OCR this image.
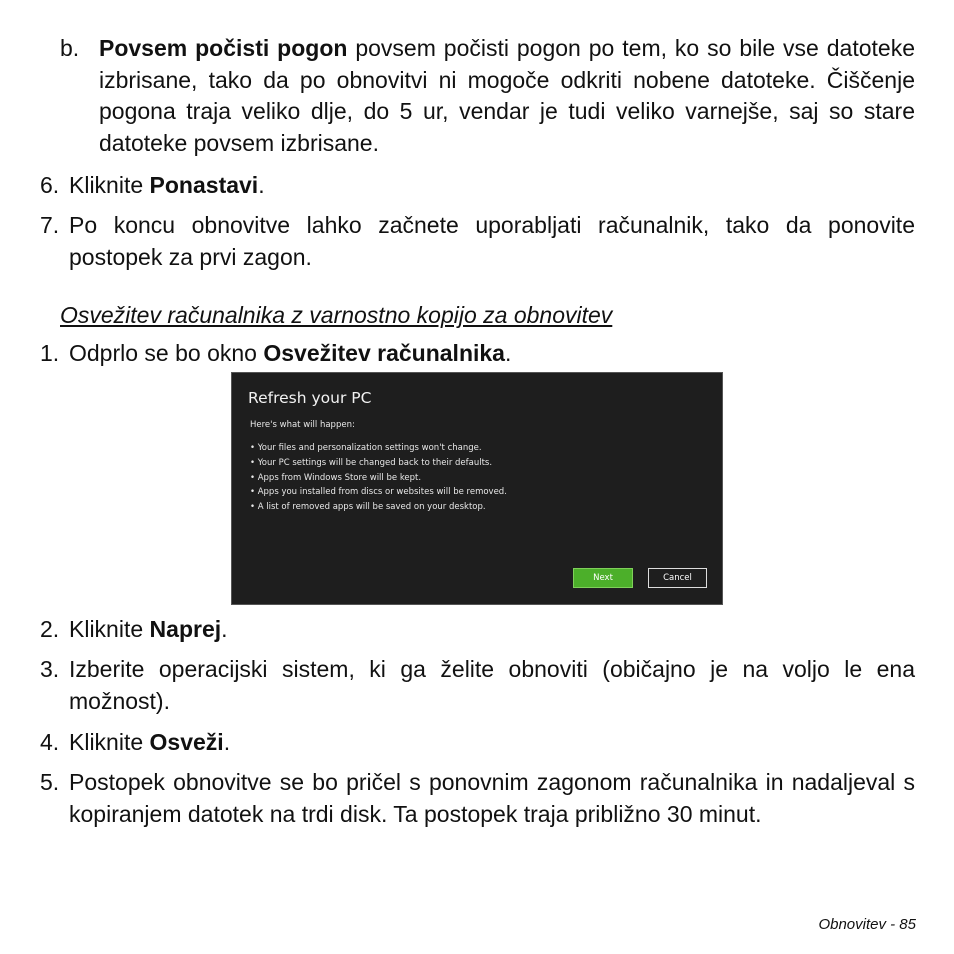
b. Povsem počisti pogon povsem počisti pogon po tem, ko so bile vse datoteke izbrisane, tako da po obnovitvi ni mogoče odkriti nobene datoteke. Čiščenje pogona traja veliko dlje, do 5 ur, vendar je tudi veliko varnejše, saj so stare datoteke povsem izbrisane.
6. Kliknite Ponastavi.
7. Po koncu obnovitve lahko začnete uporabljati računalnik, tako da ponovite postopek za prvi zagon.
Osvežitev računalnika z varnostno kopijo za obnovitev
1. Odprlo se bo okno Osvežitev računalnika.
Refresh your PC
Here's what will happen:
• Your files and personalization settings won't change.
• Your PC settings will be changed back to their defaults.
• Apps from Windows Store will be kept.
• Apps you installed from discs or websites will be removed.
• A list of removed apps will be saved on your desktop.
Next	Cancel
2. Kliknite Naprej.
3. Izberite operacijski sistem, ki ga želite obnoviti (običajno je na voljo le ena možnost).
4. Kliknite Osveži.
5. Postopek obnovitve se bo pričel s ponovnim zagonom računalnika in nadaljeval s kopiranjem datotek na trdi disk. Ta postopek traja približno 30 minut.
Obnovitev - 85
